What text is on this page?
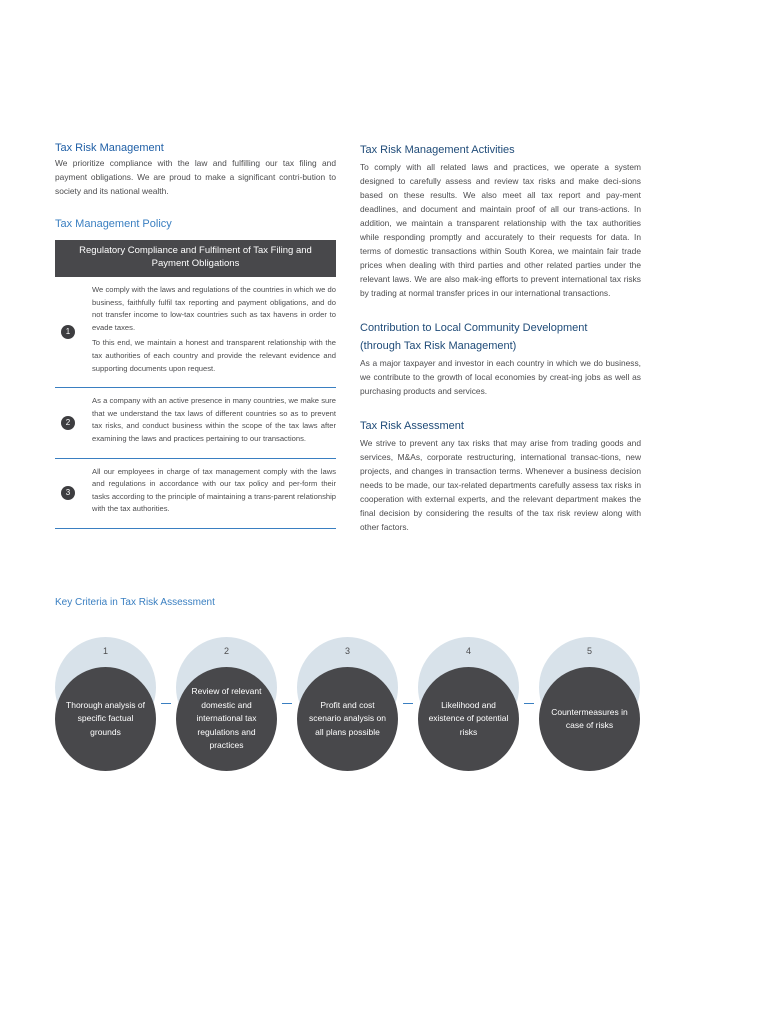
Tax Risk Management

We prioritize compliance with the law and fulfilling our tax filing and payment obligations. We are proud to make a significant contri-bution to society and its national wealth.

Tax Management Policy
Regulatory Compliance and Fulfilment of Tax Filing and Payment Obligations
1

We comply with the laws and regulations of the countries in which we do business, faithfully fulfil tax reporting and payment obligations, and do not transfer income to low-tax countries such as tax havens in order to evade taxes.

To this end, we maintain a honest and transparent relationship with the tax authorities of each country and provide the relevant evidence and supporting documents upon request.

2

As a company with an active presence in many countries, we make sure that we understand the tax laws of different countries so as to prevent tax risks, and conduct business within the scope of the tax laws after examining the laws and practices pertaining to our transactions.

3

All our employees in charge of tax management comply with the laws and regulations in accordance with our tax policy and per-form their tasks according to the principle of maintaining a trans-parent relationship with the tax authorities.

Tax Risk Management Activities

To comply with all related laws and practices, we operate a system designed to carefully assess and review tax risks and make deci-sions based on these results. We also meet all tax report and pay-ment deadlines, and document and maintain proof of all our trans-actions. In addition, we maintain a transparent relationship with the tax authorities while responding promptly and accurately to their requests for data. In terms of domestic transactions within South Korea, we maintain fair trade prices when dealing with third parties and other related parties under the relevant laws. We are also mak-ing efforts to prevent international tax risks by trading at normal transfer prices in our international transactions.

Contribution to Local Community Development
(through Tax Risk Management)

As a major taxpayer and investor in each country in which we do business, we contribute to the growth of local economies by creat-ing jobs as well as purchasing products and services.

Tax Risk Assessment

We strive to prevent any tax risks that may arise from trading goods and services, M&As, corporate restructuring, international transac-tions, new projects, and changes in transaction terms. Whenever a business decision needs to be made, our tax-related departments carefully assess tax risks in cooperation with external experts, and the relevant department makes the final decision by considering the results of the tax risk review along with other factors.

Key Criteria in Tax Risk Assessment
1
Thorough analysis of specific factual grounds
2
Review of relevant domestic and international tax regulations and practices
3
Profit and cost scenario analysis on all plans possible
4
Likelihood and existence of potential risks
5
Countermeasures in case of risks
